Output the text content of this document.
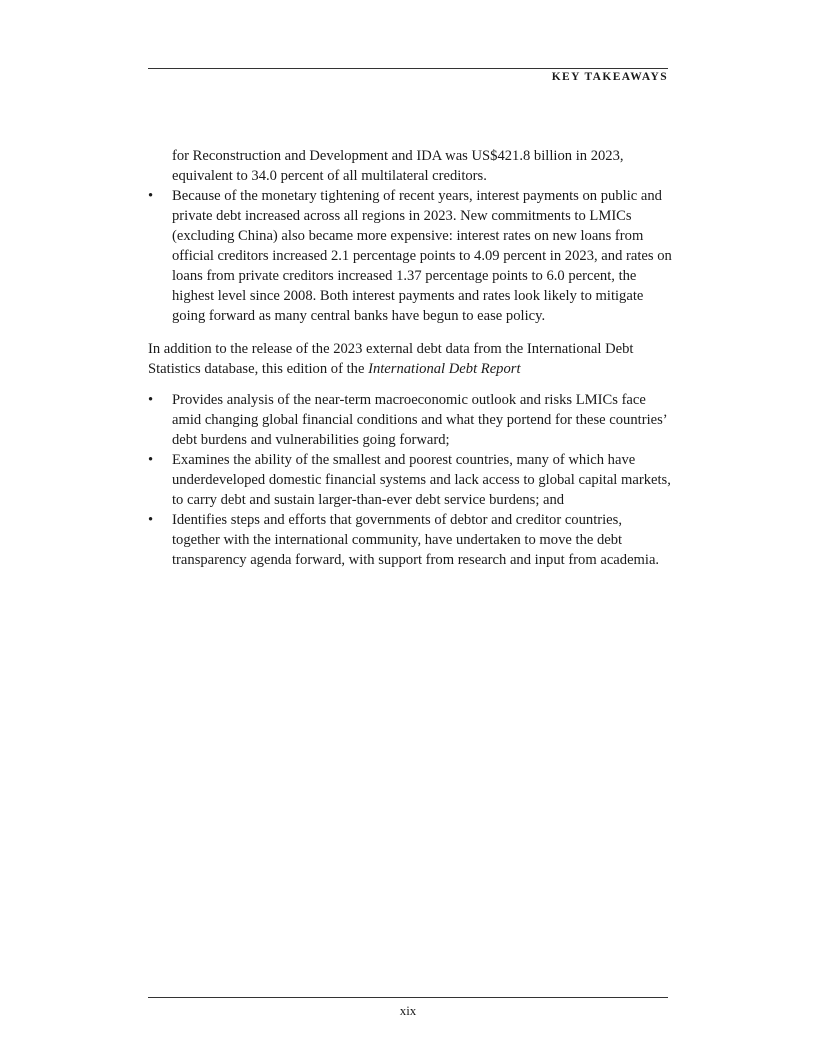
KEY TAKEAWAYS

for Reconstruction and Development and IDA was US$421.8 billion in 2023, equivalent to 34.0 percent of all multilateral creditors.

• Because of the monetary tightening of recent years, interest payments on public and private debt increased across all regions in 2023. New commitments to LMICs (excluding China) also became more expensive: interest rates on new loans from official creditors increased 2.1 percentage points to 4.09 percent in 2023, and rates on loans from private creditors increased 1.37 percentage points to 6.0 percent, the highest level since 2008. Both interest payments and rates look likely to mitigate going forward as many central banks have begun to ease policy.

In addition to the release of the 2023 external debt data from the International Debt Statistics database, this edition of the International Debt Report

• Provides analysis of the near-term macroeconomic outlook and risks LMICs face amid changing global financial conditions and what they portend for these countries’ debt burdens and vulnerabilities going forward;
• Examines the ability of the smallest and poorest countries, many of which have underdeveloped domestic financial systems and lack access to global capital markets, to carry debt and sustain larger-than-ever debt service burdens; and
• Identifies steps and efforts that governments of debtor and creditor countries, together with the international community, have undertaken to move the debt transparency agenda forward, with support from research and input from academia.
xix
